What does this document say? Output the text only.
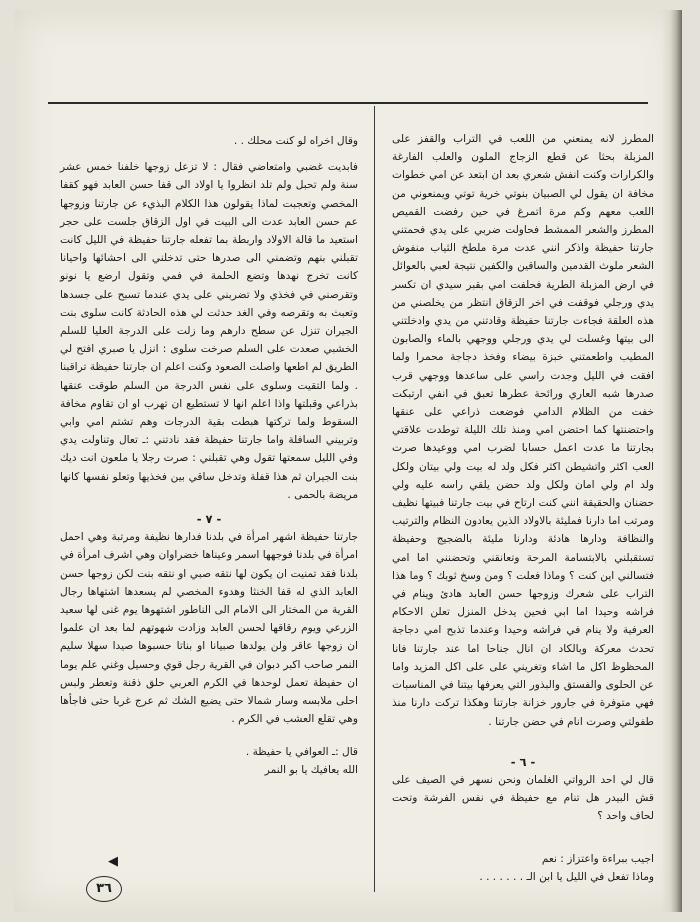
المطرز لانه يمنعني من اللعب في التراب والقفز على المزبلة بحثا عن قطع الزجاج الملون والعلب الفارغة والكرارات وكنت انفش شعري بعد ان ابتعد عن امي خطوات مخافة ان يقول لي الصبيان بنوتي خرية توتي ويمنعوني من اللعب معهم وكم مرة اتمرغ في حين رفضت القميص المطرز والشعر الممشط فحاولت ضربي على يدي فحمتني جارتنا حفيظة واذكر انني عدت مرة ملطخ الثياب منفوش الشعر ملوث القدمين والساقين والكفين نتيجة لعبي بالعوائل في ارض المزبلة الطرية فحلفت امي بقبر سيدي ان تكسر يدي ورجلي فوقفت في اخر الزقاق انتظر من يخلصني من هذه العلقة فجاءت جارتنا حفيظة وقادتني من يدي وادخلتني الى بيتها وغسلت لي يدي ورجلي ووجهي بالماء والصابون المطيب واطعمتني خبزة بيضاء وفخذ دجاجة محمرا ولما افقت في الليل وجدت راسي على ساعدها ووجهي قرب صدرها شبه العاري ورائحة عطرها تعبق في انفي ارتبكت خفت من الظلام الدامي فوضعت ذراعي على عنقها واحتضنتها كما احتضن امي ومنذ تلك الليلة توطدت علاقتي بجارتنا ما عدت اعمل حسابا لضرب امي ووعيدها صرت العب اكثر واتشيطن اكثر فكل ولد له بيت ولي بيتان ولكل ولد ام ولي امان ولكل ولد حضن يلقي راسه عليه ولي حضنان والحقيقة انني كنت ارتاح في بيت جارتنا فبيتها نظيف ومرتب اما دارنا فمليئة بالاولاد الذين يعادون النظام والترتيب والنظافة ودارها هادئة ودارنا مليئة بالضجيج وحفيظة تستقبلني بالابتسامة المرحة وتعانقني وتحضنني اما امي فتسالني اين كنت ؟ وماذا فعلت ؟ ومن وسخ ثوبك ؟ وما هذا التراب على شعرك وزوجها حسن العابد هادئ وينام في فراشه وحيدا اما ابي فحين يدخل المنزل تعلن الاحكام العرفية ولا ينام في فراشه وحيدا وعندما تذبح امي دجاجة تحدث معركة وبالكاد ان انال جناحا اما عند جارتنا فانا المحظوظ اكل ما اشاء وتغريني على على اكل المزيد واما عن الحلوى والفستق والبذور التي يعرفها بيتنا في المناسبات فهي متوفرة في جارور خزانة جارتنا وهكذا تركت دارنا منذ طفولتي وصرت انام في حضن جارتنا .

- ٦ -

قال لي احد الرواتي الغلمان ونحن نسهر في الصيف على قش البيدر هل تنام مع حفيظة في نفس الفرشة وتحت لحاف واحد ؟

اجيب ببراءة واعتزاز : نعم

وماذا تفعل في الليل يا ابن الـ . . . . . . .

وقال اخراه لو كنت محلك . .

فابديت غضبي وامتعاضي فقال : لا تزعل زوجها خلفنا خمس عشر سنة ولم تحبل ولم تلد انظروا يا اولاد الى قفا حسن العابد فهو كقفا المخصي وتعجبت لماذا يقولون هذا الكلام البذيء عن جارتنا وزوجها عم حسن العابد عدت الى البيت في اول الزقاق جلست على حجر استعيد ما قالة الاولاد واربطة بما تفعله جارتنا حفيظة في الليل كانت تقبلني بنهم وتضمني الى صدرها حتى تدخلني الى احشائها واحيانا كانت تخرج نهدها وتضع الحلمة في فمي وتقول ارضع يا نونو وتقرصني في فخذي ولا تضربني على يدي عندما تسبح على جسدها وتعبث به وتقرصه وفي الغد حدثت لي هذه الحادثة كانت سلوى بنت الجيران تنزل عن سطح دارهم وما زلت على الدرجة العليا للسلم الخشبي صعدت على السلم صرخت سلوى : انزل يا صبري افتح لي الطريق لم اطعها واصلت الصعود وكنت اعلم ان جارتنا حفيظة تراقبنا . ولما التقيت وسلوى على نفس الدرجة من السلم طوقت عنقها بذراعي وقبلتها واذا اعلم انها لا تستطيع ان تهرب او ان تقاوم مخافة السقوط ولما تركتها هبطت بقية الدرجات وهم تشتم امي وابي وتربيني السافلة واما جارتنا حفيظة فقد نادتني :ـ تعال وتناولت يدي وفي الليل سمعتها تقول وهي تقبلني : صرت رجلا يا ملعون انت ديك بنت الجيران ثم هذا قفلة وتدخل ساقي بين فخذيها وتعلو نفسها كانها مريضة بالحمى .

- ٧ -

جارتنا حفيظة اشهر امرأة في بلدنا فدارها نظيفة ومرتبة وهي احمل امرأة في بلدنا فوجهها اسمر وعيناها خضراوان وهي اشرف امرأة في بلدنا فقد تمنيت ان يكون لها نتقه صبي او نتقه بنت لكن زوجها حسن العابد الذي له قفا الخنثا وهدوء المخصي لم يسعدها اشتهاها رجال القرية من المختار الى الامام الى الناطور اشتهوها يوم غنى لها سعيد الزرعي ويوم رقاقها لحسن العابد وزادت شهوتهم لما بعد ان علموا ان زوجها عاقر ولن يولدها صبيانا او بناتا حسبوها صيدا سهلا سليم النمر صاحب اكبر دبوان في القرية رجل قوي وحسيل وغني علم يوما ان حفيظة تعمل لوحدها في الكرم العربي حلق ذقنة وتعطر ولبس احلى ملابسه وسار شمالا حتى يضيع الشك ثم عرج غربا حتى فاجأها وهي تقلع العشب في الكرم .

قال :ـ العوافي يا حفيظة .

الله يعافيك يا بو النمر

◀
٣٦
